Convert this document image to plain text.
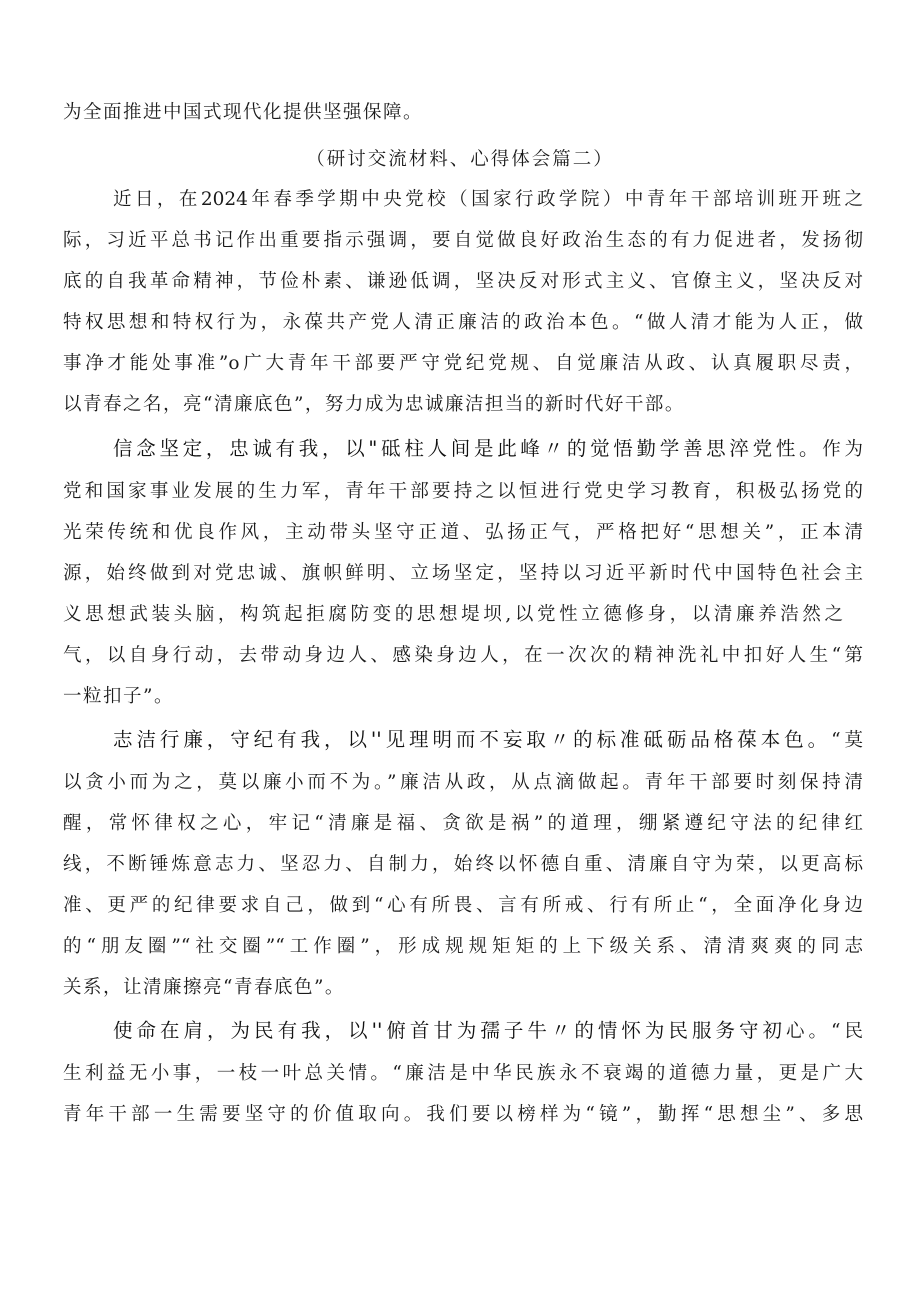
为全面推进中国式现代化提供坚强保障。
（研讨交流材料、心得体会篇二）
近日，在2024年春季学期中央党校（国家行政学院）中青年干部培训班开班之
际，习近平总书记作出重要指示强调，要自觉做良好政治生态的有力促进者，发扬彻
底的自我革命精神，节俭朴素、谦逊低调，坚决反对形式主义、官僚主义，坚决反对
特权思想和特权行为，永葆共产党人清正廉洁的政治本色。“做人清才能为人正，做
事净才能处事准”o广大青年干部要严守党纪党规、自觉廉洁从政、认真履职尽责，
以青春之名，亮“清廉底色”，努力成为忠诚廉洁担当的新时代好干部。
信念坚定，忠诚有我，以"砥柱人间是此峰〃的觉悟勤学善思淬党性。作为
党和国家事业发展的生力军，青年干部要持之以恒进行党史学习教育，积极弘扬党的
光荣传统和优良作风，主动带头坚守正道、弘扬正气，严格把好“思想关”，正本清
源，始终做到对党忠诚、旗帜鲜明、立场坚定，坚持以习近平新时代中国特色社会主
义思想武装头脑，构筑起拒腐防变的思想堤坝,以党性立德修身，以清廉养浩然之
气，以自身行动，去带动身边人、感染身边人，在一次次的精神洗礼中扣好人生“第
一粒扣子”。
志洁行廉，守纪有我，以''见理明而不妄取〃的标准砥砺品格葆本色。“莫
以贪小而为之，莫以廉小而不为。”廉洁从政，从点滴做起。青年干部要时刻保持清
醒，常怀律权之心，牢记“清廉是福、贪欲是祸”的道理，绷紧遵纪守法的纪律红
线，不断锤炼意志力、坚忍力、自制力，始终以怀德自重、清廉自守为荣，以更高标
准、更严的纪律要求自己，做到“心有所畏、言有所戒、行有所止“，全面净化身边
的“朋友圈”“社交圈”“工作圈”，形成规规矩矩的上下级关系、清清爽爽的同志
关系，让清廉擦亮“青春底色”。
使命在肩，为民有我，以''俯首甘为孺子牛〃的情怀为民服务守初心。“民
生利益无小事，一枝一叶总关情。“廉洁是中华民族永不衰竭的道德力量，更是广大
青年干部一生需要坚守的价值取向。我们要以榜样为“镜”，勤挥“思想尘”、多思
